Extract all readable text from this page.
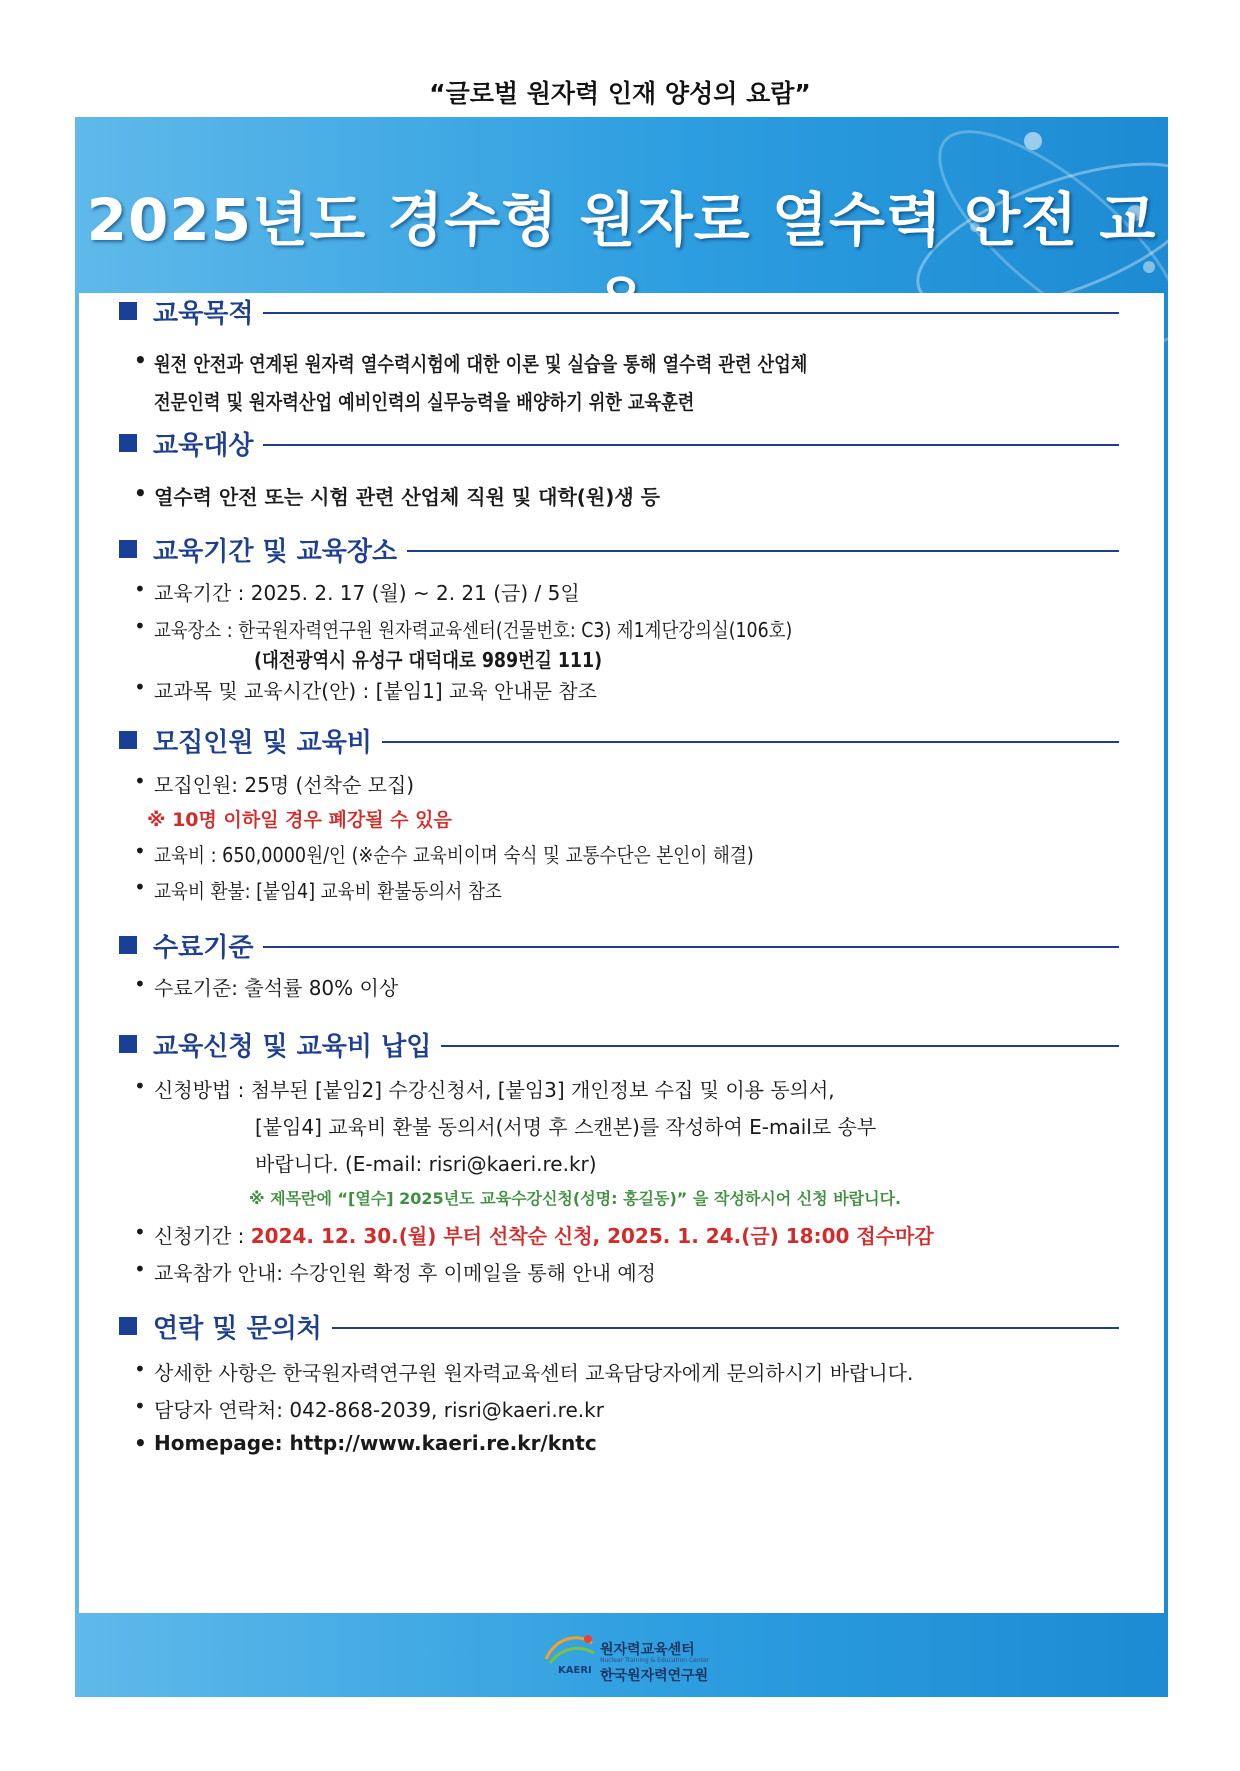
“글로벌 원자력 인재 양성의 요람”
2025년도 경수형 원자로 열수력 안전 교
교육목적
• 원전 안전과 연계된 원자력 열수력시험에 대한 이론 및 실습을 통해 열수력 관련 산업체
전문인력 및 원자력산업 예비인력의 실무능력을 배양하기 위한 교육훈련
교육대상
• 열수력 안전 또는 시험 관련 산업체 직원 및 대학(원)생 등
교육기간 및 교육장소
• 교육기간 : 2025. 2. 17 (월) ~ 2. 21 (금) / 5일
• 교육장소 : 한국원자력연구원 원자력교육센터(건물번호: C3) 제1계단강의실(106호)
(대전광역시 유성구 대덕대로 989번길 111)
• 교과목 및 교육시간(안) : [붙임1] 교육 안내문 참조
모집인원 및 교육비
• 모집인원: 25명 (선착순 모집)
※ 10명 이하일 경우 폐강될 수 있음
• 교육비 : 650,0000원/인 (※순수 교육비이며 숙식 및 교통수단은 본인이 해결)
• 교육비 환불: [붙임4] 교육비 환불동의서 참조
수료기준
• 수료기준: 출석률 80% 이상
교육신청 및 교육비 납입
• 신청방법 : 첨부된 [붙임2] 수강신청서, [붙임3] 개인정보 수집 및 이용 동의서,
[붙임4] 교육비 환불 동의서(서명 후 스캔본)를 작성하여 E-mail로 송부
바랍니다. (E-mail: risri@kaeri.re.kr)
※ 제목란에 “[열수] 2025년도 교육수강신청(성명: 홍길동)” 을 작성하시어 신청 바랍니다.
• 신청기간 : 2024. 12. 30.(월) 부터 선착순 신청, 2025. 1. 24.(금) 18:00 접수마감
• 교육참가 안내: 수강인원 확정 후 이메일을 통해 안내 예정
연락 및 문의처
• 상세한 사항은 한국원자력연구원 원자력교육센터 교육담당자에게 문의하시기 바랍니다.
• 담당자 연락처: 042-868-2039, risri@kaeri.re.kr
• Homepage: http://www.kaeri.re.kr/kntc
KAERI
원자력교육센터
Nuclear Training & Education Center
한국원자력연구원
